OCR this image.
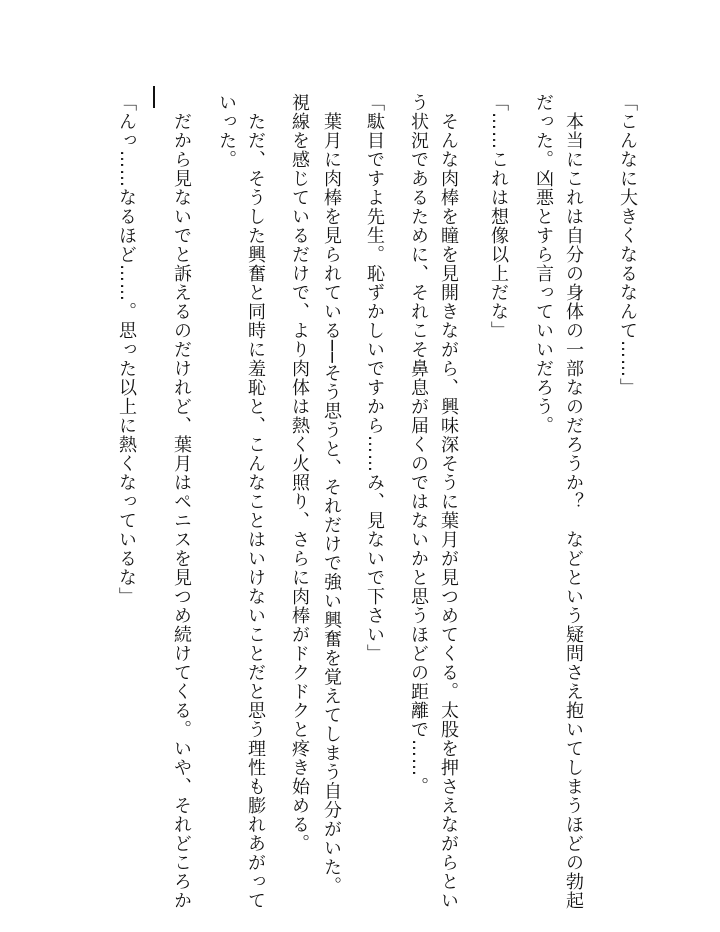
「こんなに大きくなるなんて……」
　本当にこれは自分の身体の一部なのだろうか？　などという疑問さえ抱いてしまうほどの勃起
だった。凶悪とすら言っていいだろう。
「……これは想像以上だな」
　そんな肉棒を瞳を見開きながら、興味深そうに葉月が見つめてくる。太股を押さえながらとい
う状況であるために、それこそ鼻息が届くのではないかと思うほどの距離で……。
「駄目ですよ先生。恥ずかしいですから……み、見ないで下さい」
　葉月に肉棒を見られている──そう思うと、それだけで強い興奮を覚えてしまう自分がいた。
視線を感じているだけで、より肉体は熱く火照り、さらに肉棒がドクドクと疼き始める。
　ただ、そうした興奮と同時に羞恥と、こんなことはいけないことだと思う理性も膨れあがって
いった。
　だから見ないでと訴えるのだけれど、葉月はペニスを見つめ続けてくる。いや、それどころか
「んっ……なるほど……。思った以上に熱くなっているな」
